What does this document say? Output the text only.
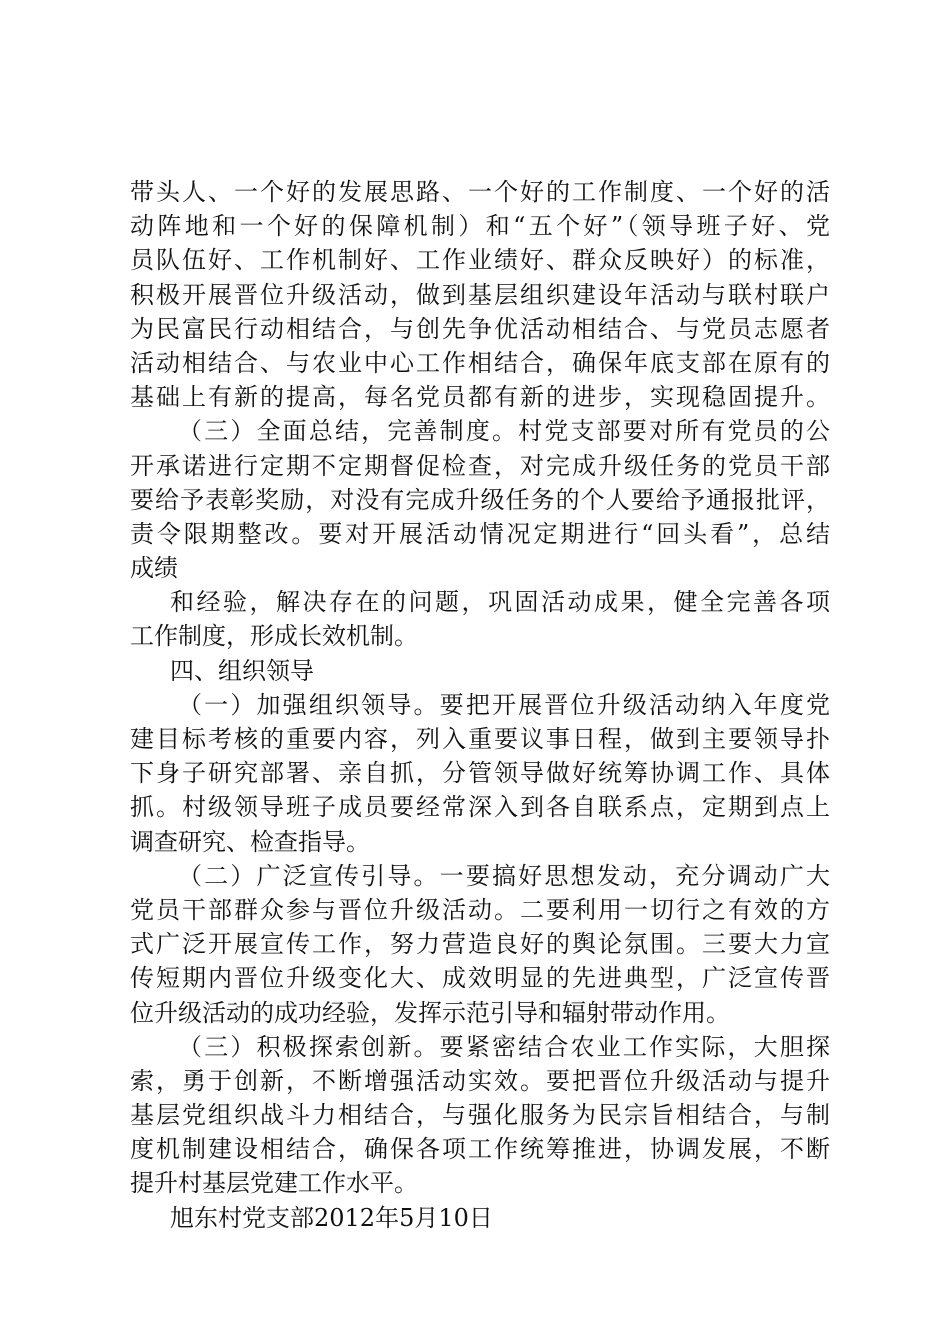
带头人、一个好的发展思路、一个好的工作制度、一个好的活
动阵地和一个好的保障机制）和“五个好”（领导班子好、党
员队伍好、工作机制好、工作业绩好、群众反映好）的标准，
积极开展晋位升级活动，做到基层组织建设年活动与联村联户
为民富民行动相结合，与创先争优活动相结合、与党员志愿者
活动相结合、与农业中心工作相结合，确保年底支部在原有的
基础上有新的提高，每名党员都有新的进步，实现稳固提升。
（三）全面总结，完善制度。村党支部要对所有党员的公
开承诺进行定期不定期督促检查，对完成升级任务的党员干部
要给予表彰奖励，对没有完成升级任务的个人要给予通报批评，
责令限期整改。要对开展活动情况定期进行“回头看”，总结
成绩
和经验，解决存在的问题，巩固活动成果，健全完善各项
工作制度，形成长效机制。
四、组织领导
（一）加强组织领导。要把开展晋位升级活动纳入年度党
建目标考核的重要内容，列入重要议事日程，做到主要领导扑
下身子研究部署、亲自抓，分管领导做好统筹协调工作、具体
抓。村级领导班子成员要经常深入到各自联系点，定期到点上
调查研究、检查指导。
（二）广泛宣传引导。一要搞好思想发动，充分调动广大
党员干部群众参与晋位升级活动。二要利用一切行之有效的方
式广泛开展宣传工作，努力营造良好的舆论氛围。三要大力宣
传短期内晋位升级变化大、成效明显的先进典型，广泛宣传晋
位升级活动的成功经验，发挥示范引导和辐射带动作用。
（三）积极探索创新。要紧密结合农业工作实际，大胆探
索，勇于创新，不断增强活动实效。要把晋位升级活动与提升
基层党组织战斗力相结合，与强化服务为民宗旨相结合，与制
度机制建设相结合，确保各项工作统筹推进，协调发展，不断
提升村基层党建工作水平。
旭东村党支部2012年5月10日
